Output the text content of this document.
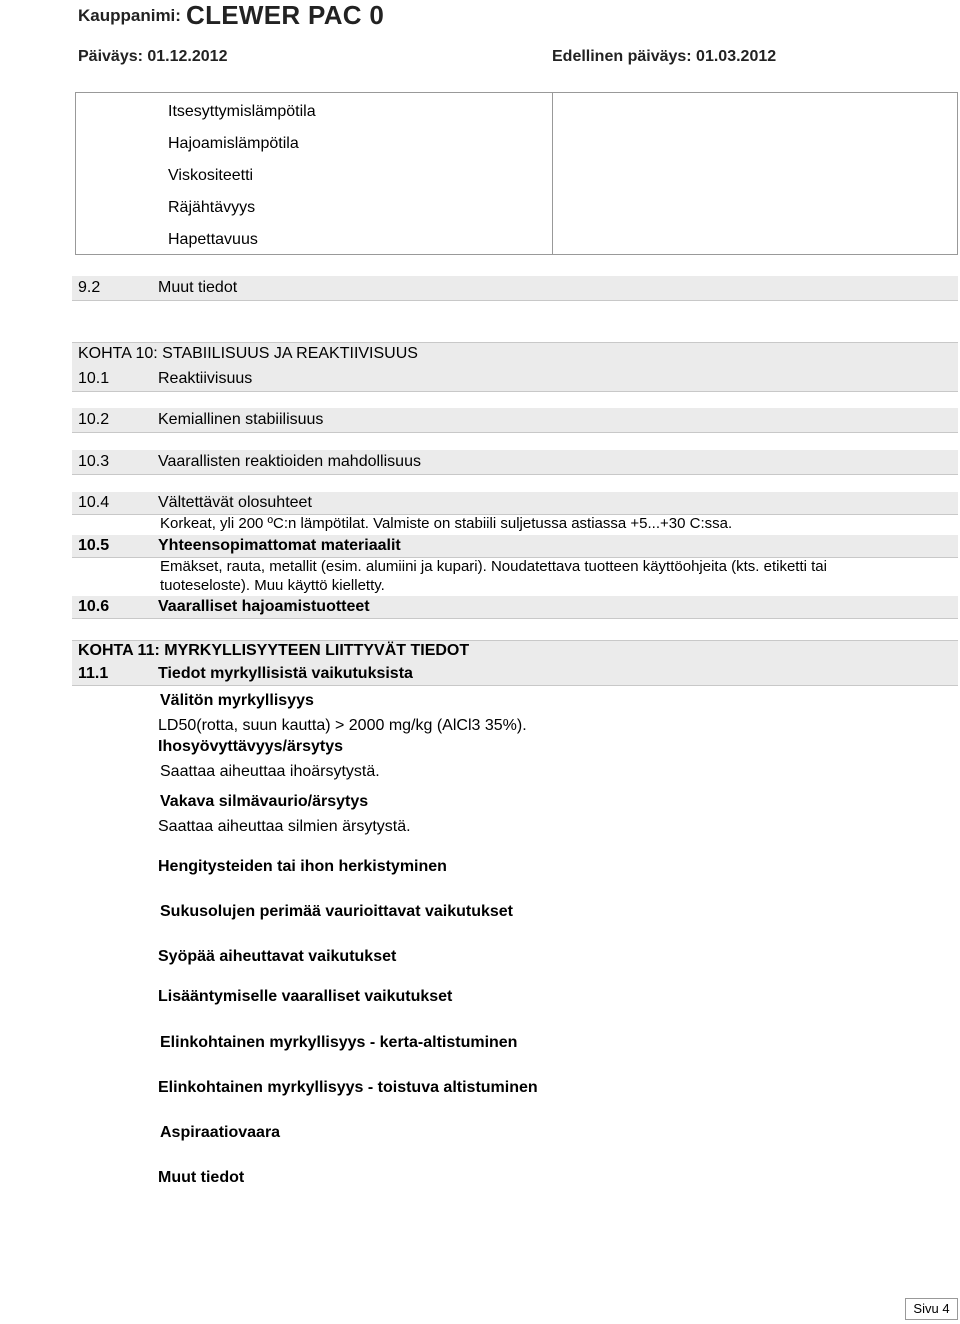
Kauppanimi: CLEWER PAC 0
Päiväys: 01.12.2012	Edellinen päiväys: 01.03.2012
Itsesyttymislämpötila
Hajoamislämpötila
Viskositeetti
Räjähtävyys
Hapettavuus
9.2	Muut tiedot
KOHTA 10: STABIILISUUS JA REAKTIIVISUUS
10.1	Reaktiivisuus
10.2	Kemiallinen stabiilisuus
10.3	Vaarallisten reaktioiden mahdollisuus
10.4	Vältettävät olosuhteet
Korkeat, yli 200 ºC:n lämpötilat. Valmiste on stabiili suljetussa astiassa +5...+30 C:ssa.
10.5	Yhteensopimattomat materiaalit
Emäkset, rauta, metallit (esim. alumiini ja kupari). Noudatettava tuotteen käyttöohjeita (kts. etiketti tai
tuoteseloste). Muu käyttö kielletty.
10.6	Vaaralliset hajoamistuotteet
KOHTA 11: MYRKYLLISYYTEEN LIITTYVÄT TIEDOT
11.1	Tiedot myrkyllisistä vaikutuksista
Välitön myrkyllisyys
LD50(rotta, suun kautta) > 2000 mg/kg (AlCl3 35%).
Ihosyövyttävyys/ärsytys
Saattaa aiheuttaa ihoärsytystä.
Vakava silmävaurio/ärsytys
Saattaa aiheuttaa silmien ärsytystä.
Hengitysteiden tai ihon herkistyminen
Sukusolujen perimää vaurioittavat vaikutukset
Syöpää aiheuttavat vaikutukset
Lisääntymiselle vaaralliset vaikutukset
Elinkohtainen myrkyllisyys - kerta-altistuminen
Elinkohtainen myrkyllisyys - toistuva altistuminen
Aspiraatiovaara
Muut tiedot
Sivu 4
